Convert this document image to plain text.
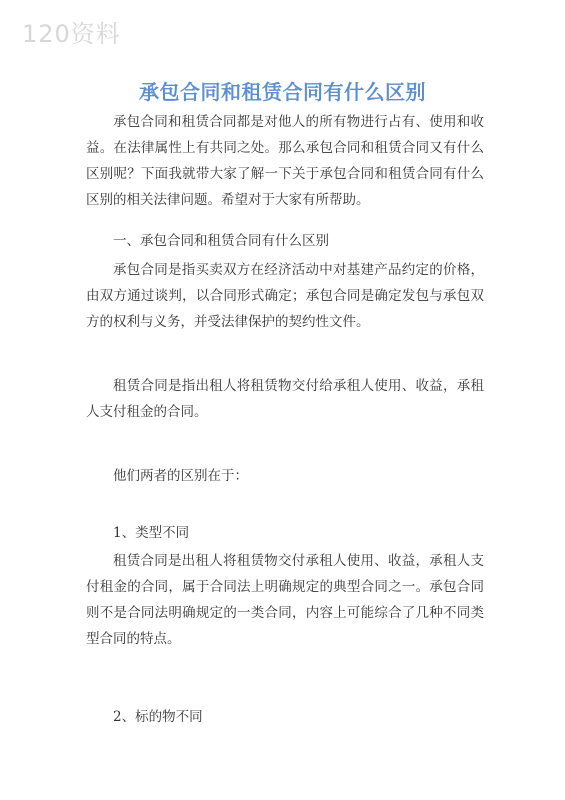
120资料
承包合同和租赁合同有什么区别

承包合同和租赁合同都是对他人的所有物进行占有、使用和收益。在法律属性上有共同之处。那么承包合同和租赁合同又有什么区别呢？下面我就带大家了解一下关于承包合同和租赁合同有什么区别的相关法律问题。希望对于大家有所帮助。

一、承包合同和租赁合同有什么区别

承包合同是指买卖双方在经济活动中对基建产品约定的价格，由双方通过谈判，以合同形式确定；承包合同是确定发包与承包双方的权利与义务，并受法律保护的契约性文件。

租赁合同是指出租人将租赁物交付给承租人使用、收益，承租人支付租金的合同。

他们两者的区别在于：

1、类型不同

租赁合同是出租人将租赁物交付承租人使用、收益，承租人支付租金的合同，属于合同法上明确规定的典型合同之一。承包合同则不是合同法明确规定的一类合同，内容上可能综合了几种不同类型合同的特点。

2、标的物不同
